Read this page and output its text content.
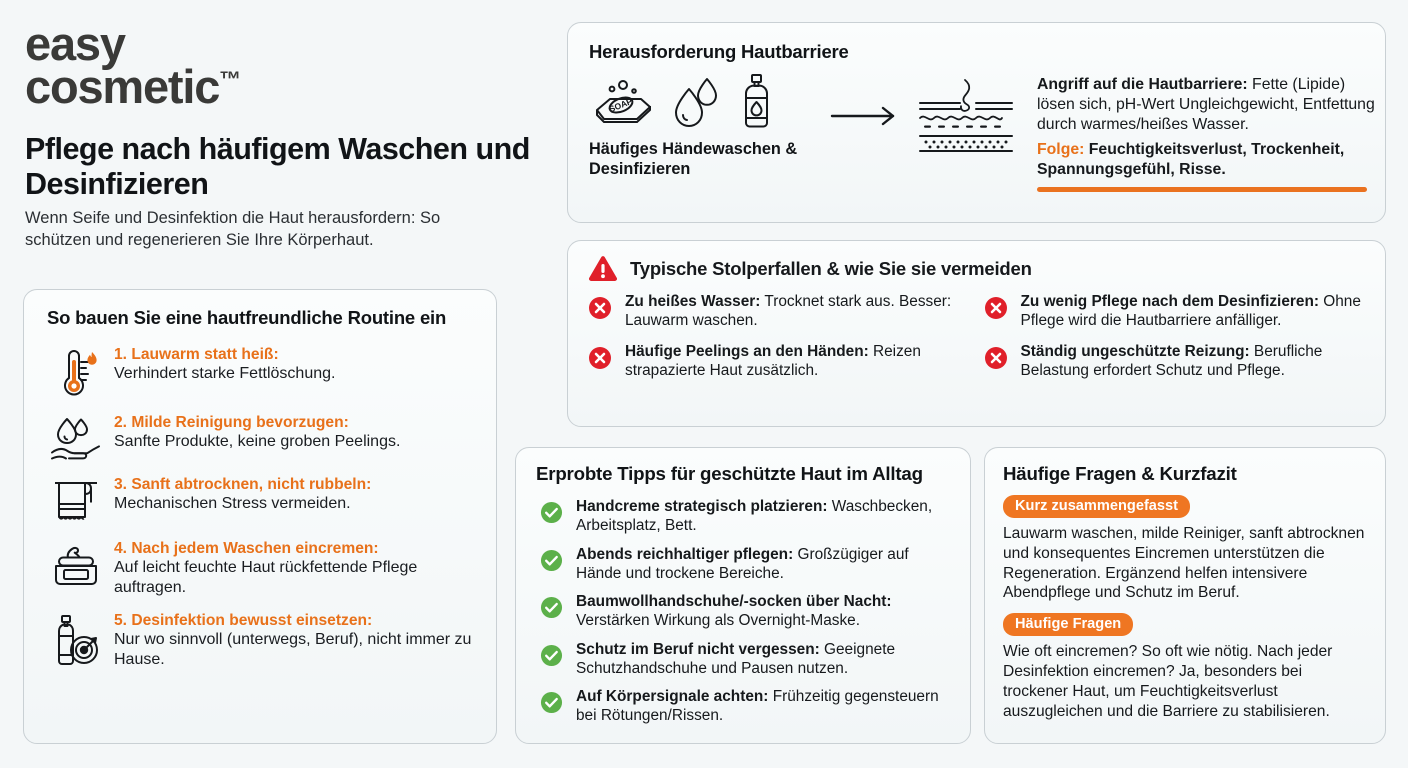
easy
cosmetic™
Pflege nach häufigem Waschen und Desinfizieren
Wenn Seife und Desinfektion die Haut herausfordern: So schützen und regenerieren Sie Ihre Körperhaut.
So bauen Sie eine hautfreundliche Routine ein
1. Lauwarm statt heiß:
Verhindert starke Fettlöschung.
2. Milde Reinigung bevorzugen:
Sanfte Produkte, keine groben Peelings.
3. Sanft abtrocknen, nicht rubbeln:
Mechanischen Stress vermeiden.
4. Nach jedem Waschen eincremen:
Auf leicht feuchte Haut rückfettende Pflege auftragen.
5. Desinfektion bewusst einsetzen:
Nur wo sinnvoll (unterwegs, Beruf), nicht immer zu Hause.
Herausforderung Hautbarriere
SOAP
Häufiges Händewaschen & Desinfizieren
Angriff auf die Hautbarriere: Fette (Lipide) lösen sich, pH-Wert Ungleichgewicht, Entfettung durch warmes/heißes Wasser.
Folge: Feuchtigkeitsverlust, Trockenheit, Spannungsgefühl, Risse.
Typische Stolperfallen & wie Sie sie vermeiden
Zu heißes Wasser: Trocknet stark aus. Besser: Lauwarm waschen.
Häufige Peelings an den Händen: Reizen strapazierte Haut zusätzlich.
Zu wenig Pflege nach dem Desinfizieren: Ohne Pflege wird die Hautbarriere anfälliger.
Ständig ungeschützte Reizung: Berufliche Belastung erfordert Schutz und Pflege.
Erprobte Tipps für geschützte Haut im Alltag
Handcreme strategisch platzieren: Waschbecken, Arbeitsplatz, Bett.
Abends reichhaltiger pflegen: Großzügiger auf Hände und trockene Bereiche.
Baumwollhandschuhe/-socken über Nacht: Verstärken Wirkung als Overnight-Maske.
Schutz im Beruf nicht vergessen: Geeignete Schutzhandschuhe und Pausen nutzen.
Auf Körpersignale achten: Frühzeitig gegensteuern bei Rötungen/Rissen.
Häufige Fragen & Kurzfazit
Kurz zusammengefasst
Lauwarm waschen, milde Reiniger, sanft abtrocknen und konsequentes Eincremen unterstützen die Regeneration. Ergänzend helfen intensivere Abendpflege und Schutz im Beruf.
Häufige Fragen
Wie oft eincremen? So oft wie nötig. Nach jeder Desinfektion eincremen? Ja, besonders bei trockener Haut, um Feuchtigkeitsverlust auszugleichen und die Barriere zu stabilisieren.
